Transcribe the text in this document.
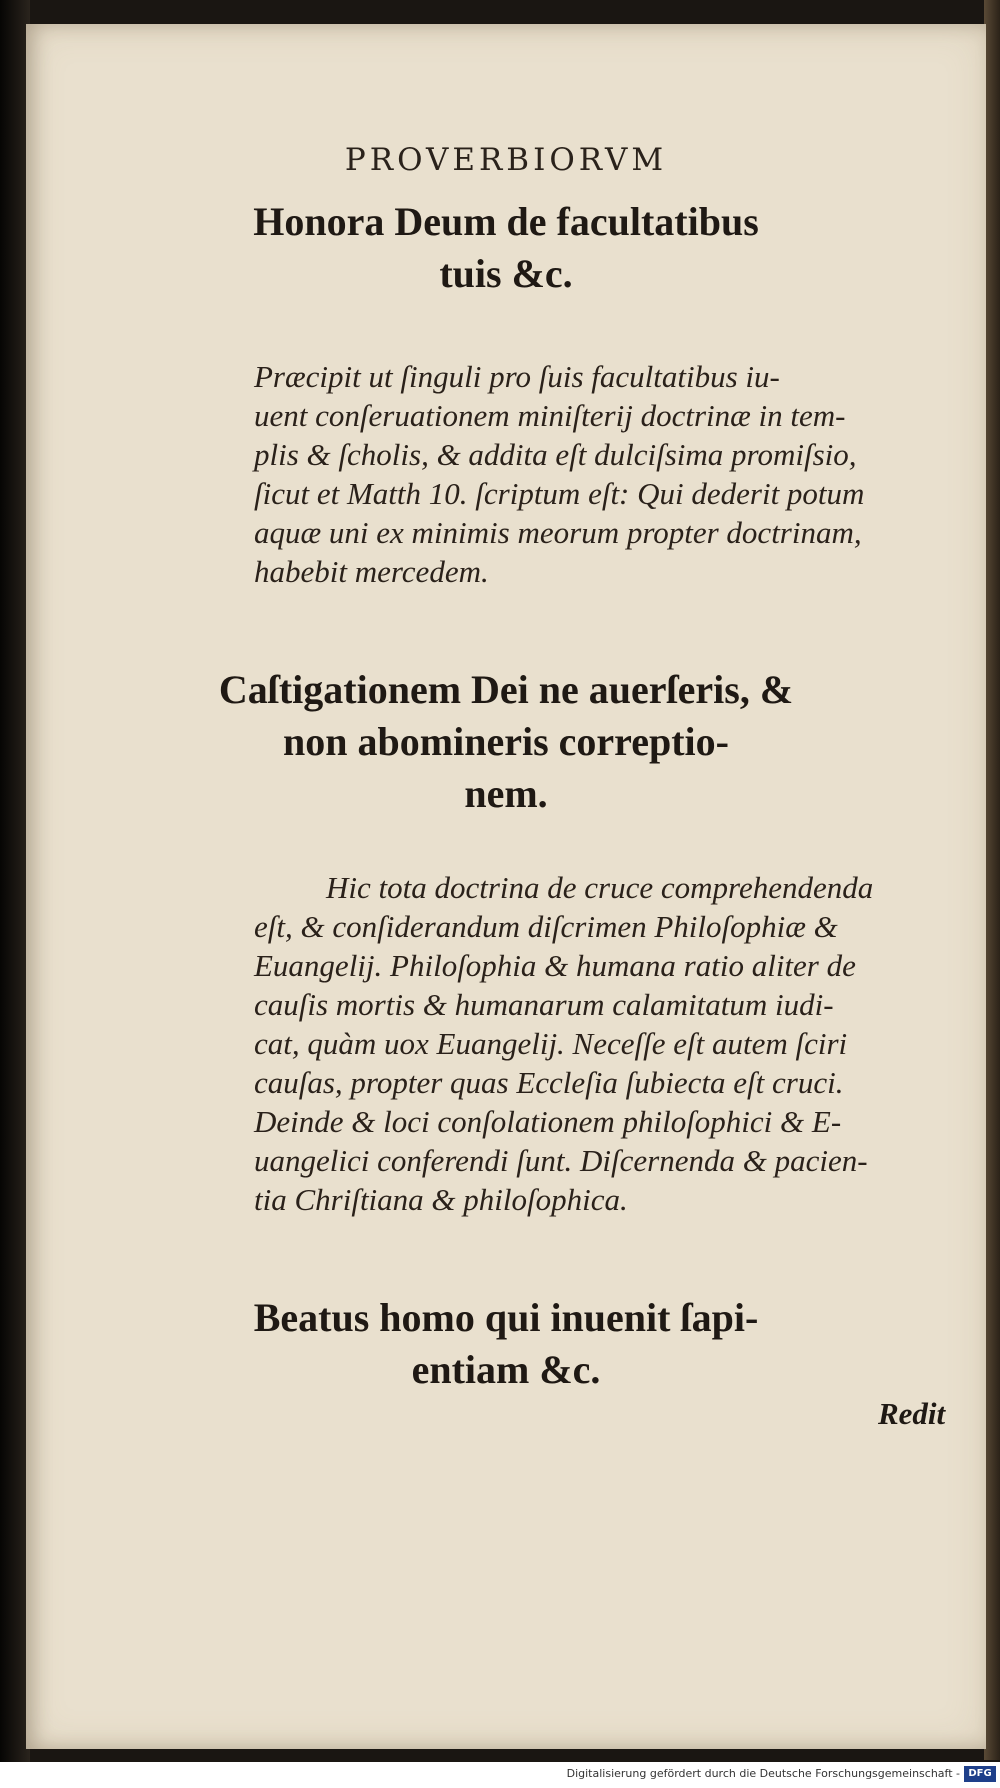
PROVERBIORVM
Honora Deum de facultatibus
tuis &c.
Præcipit ut ſinguli pro ſuis facultatibus iu-
uent conſeruationem miniſterij doctrinæ in tem-
plis & ſcholis, & addita eſt dulciſsima promiſsio,
ſicut et Matth 10. ſcriptum eſt: Qui dederit potum
aquæ uni ex minimis meorum propter doctrinam,
habebit mercedem.
Caſtigationem Dei ne auerſeris, &
non abomineris correptio-
nem.
Hic tota doctrina de cruce comprehendenda
eſt, & conſiderandum diſcrimen Philoſophiæ &
Euangelij. Philoſophia & humana ratio aliter de
cauſis mortis & humanarum calamitatum iudi-
cat, quàm uox Euangelij. Neceſſe eſt autem ſciri
cauſas, propter quas Eccleſia ſubiecta eſt cruci.
Deinde & loci conſolationem philoſophici & E-
uangelici conferendi ſunt. Diſcernenda & pacien-
tia Chriſtiana & philoſophica.
Beatus homo qui inuenit ſapi-
entiam &c.
Redit
Digitalisierung gefördert durch die Deutsche Forschungsgemeinschaft - DFG
